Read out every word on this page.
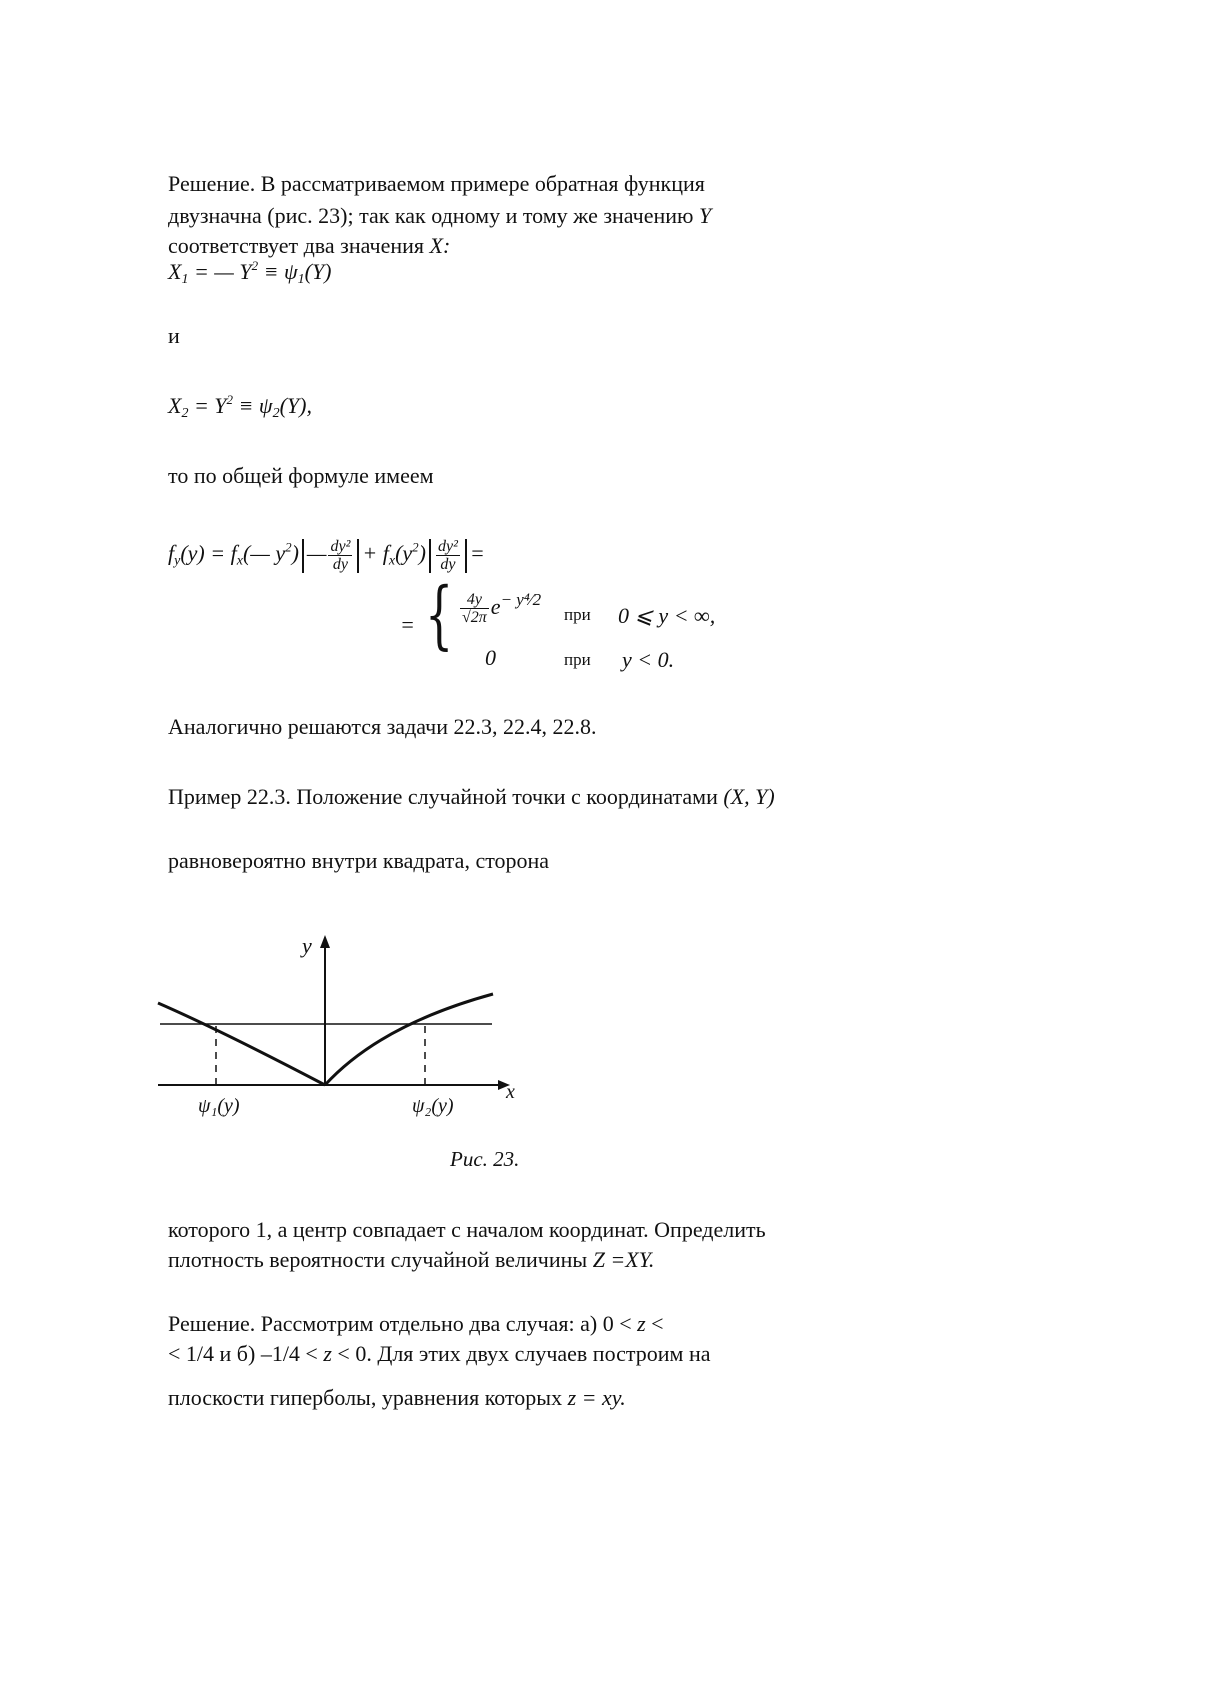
Решение. В рассматриваемом примере обратная функция
двузначна (рис. 23); так как одному и тому же значению Y
соответствует два значения X:
$X_1$ = — $Y^2 \equiv \psi_1(Y)$
и
$X_2 = Y^2 \equiv \psi_2(Y)$,
то по общей формуле имеем
$f_y(y)$ = $f_x(—$ $y^2$) — $\frac{\text{dy²}}{dy} + f_x(y^2) \frac{\text{dy²}}{dy}$ =
= { $\frac{4y}{√2\pi} e^{- y^4⁄2}$
при 0 ⩽ y < ∞,
0	при y < 0.
Аналогично решаются задачи 22.3, 22.4, 22.8.
Пример 22.3. Положение случайной точки с координатами (X, Y)
равновероятно внутри квадрата, сторона
y
x
ψ₁(y)	ψ₂(y)
Рис. 23.
которого 1, а центр совпадает с началом координат. Определить
плотность вероятности случайной величины Z =XY.
Решение. Рассмотрим отдельно два случая: а) 0 < z <
< 1/4 и б) –1/4 < z < 0. Для этих двух случаев построим на
плоскости гиперболы, уравнения которых z = xy.
